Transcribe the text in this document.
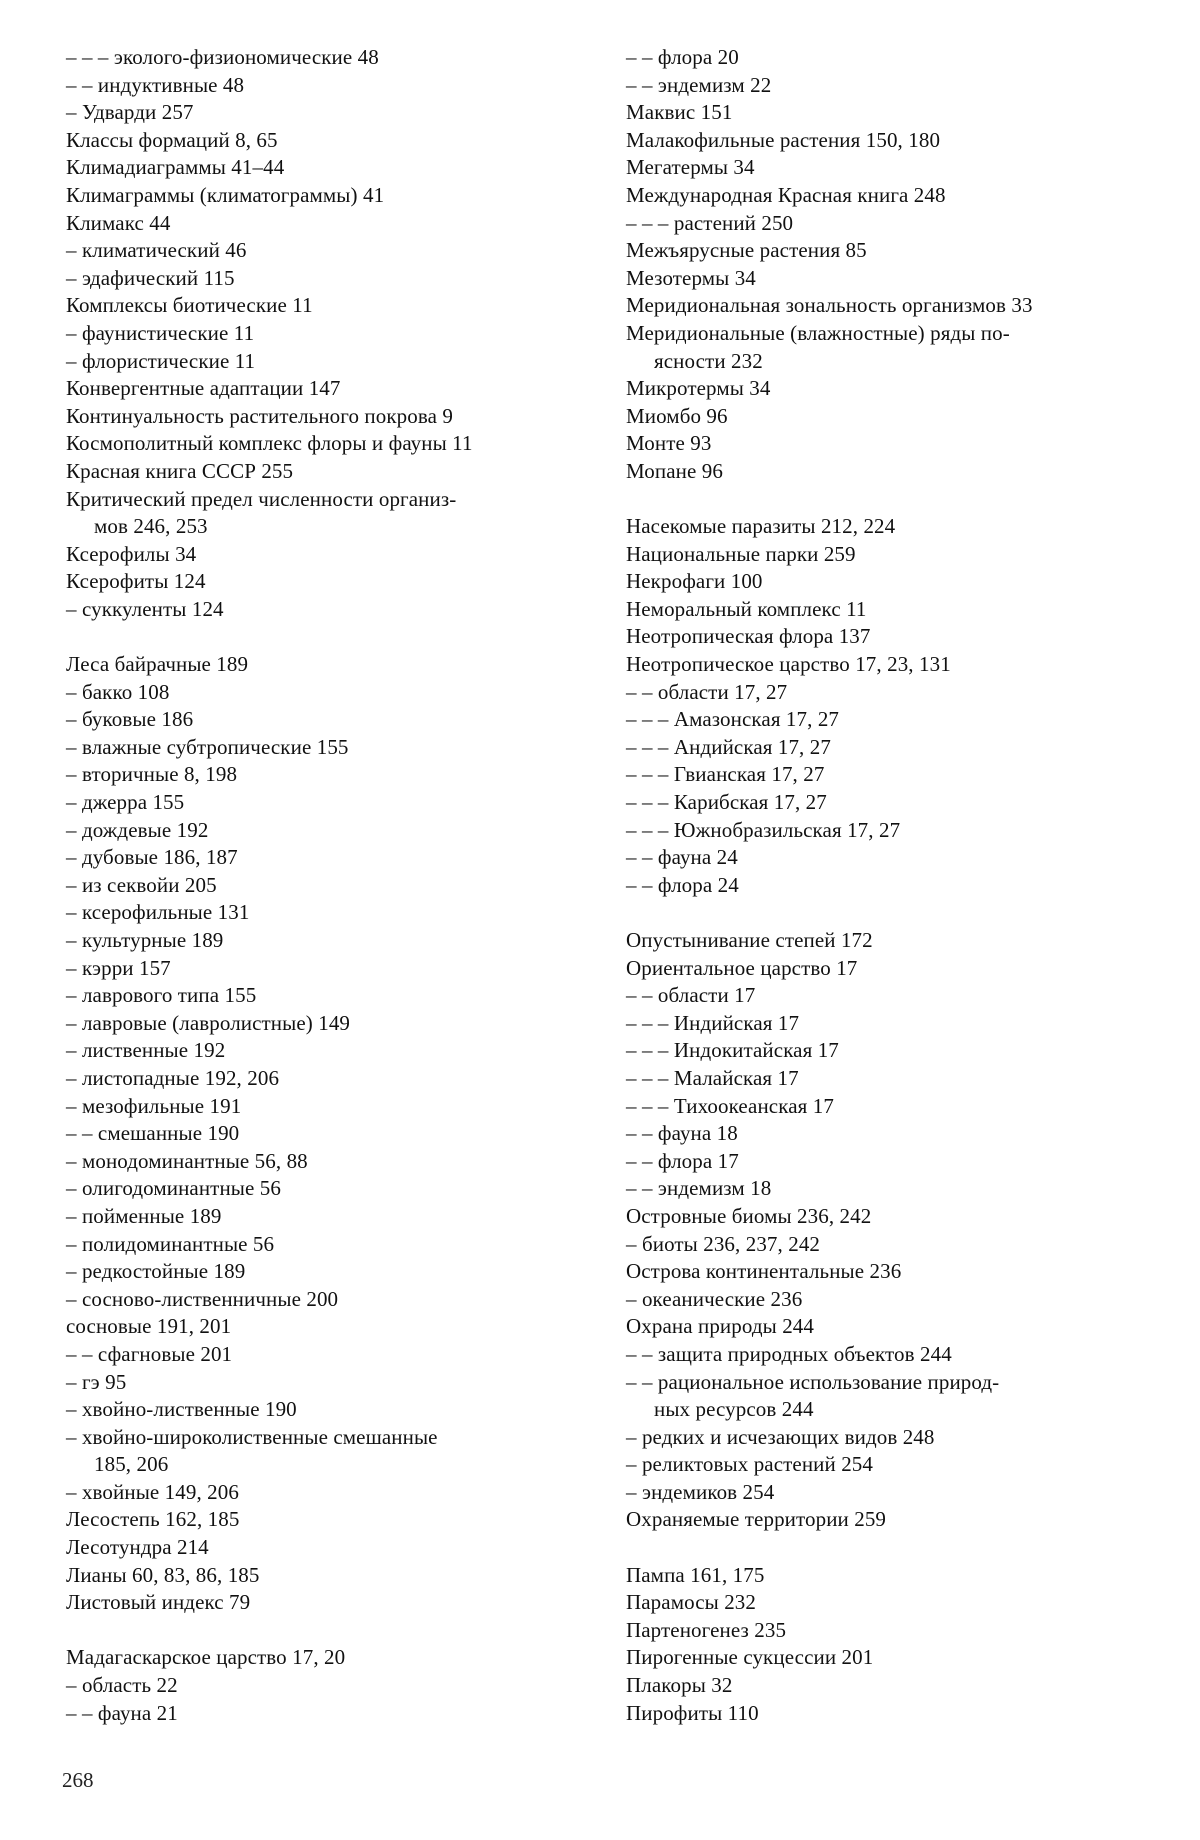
– – – эколого-физиономические 48
– – индуктивные 48
– Удварди 257
Классы формаций 8, 65
Климадиаграммы 41–44
Климаграммы (климатограммы) 41
Климакс 44
– климатический 46
– эдафический 115
Комплексы биотические 11
– фаунистические 11
– флористические 11
Конвергентные адаптации 147
Континуальность растительного покрова 9
Космополитный комплекс флоры и фауны 11
Красная книга СССР 255
Критический предел численности организ-
мов 246, 253
Ксерофилы 34
Ксерофиты 124
– суккуленты 124
Леса байрачные 189
– бакко 108
– буковые 186
– влажные субтропические 155
– вторичные 8, 198
– джерра 155
– дождевые 192
– дубовые 186, 187
– из секвойи 205
– ксерофильные 131
– культурные 189
– кэрри 157
– лаврового типа 155
– лавровые (лавролистные) 149
– лиственные 192
– листопадные 192, 206
– мезофильные 191
– – смешанные 190
– монодоминантные 56, 88
– олигодоминантные 56
– пойменные 189
– полидоминантные 56
– редкостойные 189
– сосново-лиственничные 200
сосновые 191, 201
– – сфагновые 201
– гэ 95
– хвойно-лиственные 190
– хвойно-широколиственные смешанные
185, 206
– хвойные 149, 206
Лесостепь 162, 185
Лесотундра 214
Лианы 60, 83, 86, 185
Листовый индекс 79
Мадагаскарское царство 17, 20
– область 22
– – фауна 21
– – флора 20
– – эндемизм 22
Маквис 151
Малакофильные растения 150, 180
Мегатермы 34
Международная Красная книга 248
– – – растений 250
Межъярусные растения 85
Мезотермы 34
Меридиональная зональность организмов 33
Меридиональные (влажностные) ряды по-
ясности 232
Микротермы 34
Миомбо 96
Монте 93
Мопане 96
Насекомые паразиты 212, 224
Национальные парки 259
Некрофаги 100
Неморальный комплекс 11
Неотропическая флора 137
Неотропическое царство 17, 23, 131
– – области 17, 27
– – – Амазонская 17, 27
– – – Андийская 17, 27
– – – Гвианская 17, 27
– – – Карибская 17, 27
– – – Южнобразильская 17, 27
– – фауна 24
– – флора 24
Опустынивание степей 172
Ориентальное царство 17
– – области 17
– – – Индийская 17
– – – Индокитайская 17
– – – Малайская 17
– – – Тихоокеанская 17
– – фауна 18
– – флора 17
– – эндемизм 18
Островные биомы 236, 242
– биоты 236, 237, 242
Острова континентальные 236
– океанические 236
Охрана природы 244
– – защита природных объектов 244
– – рациональное использование природ-
ных ресурсов 244
– редких и исчезающих видов 248
– реликтовых растений 254
– эндемиков 254
Охраняемые территории 259
Пампа 161, 175
Парамосы 232
Партеногенез 235
Пирогенные сукцессии 201
Плакоры 32
Пирофиты 110
268
